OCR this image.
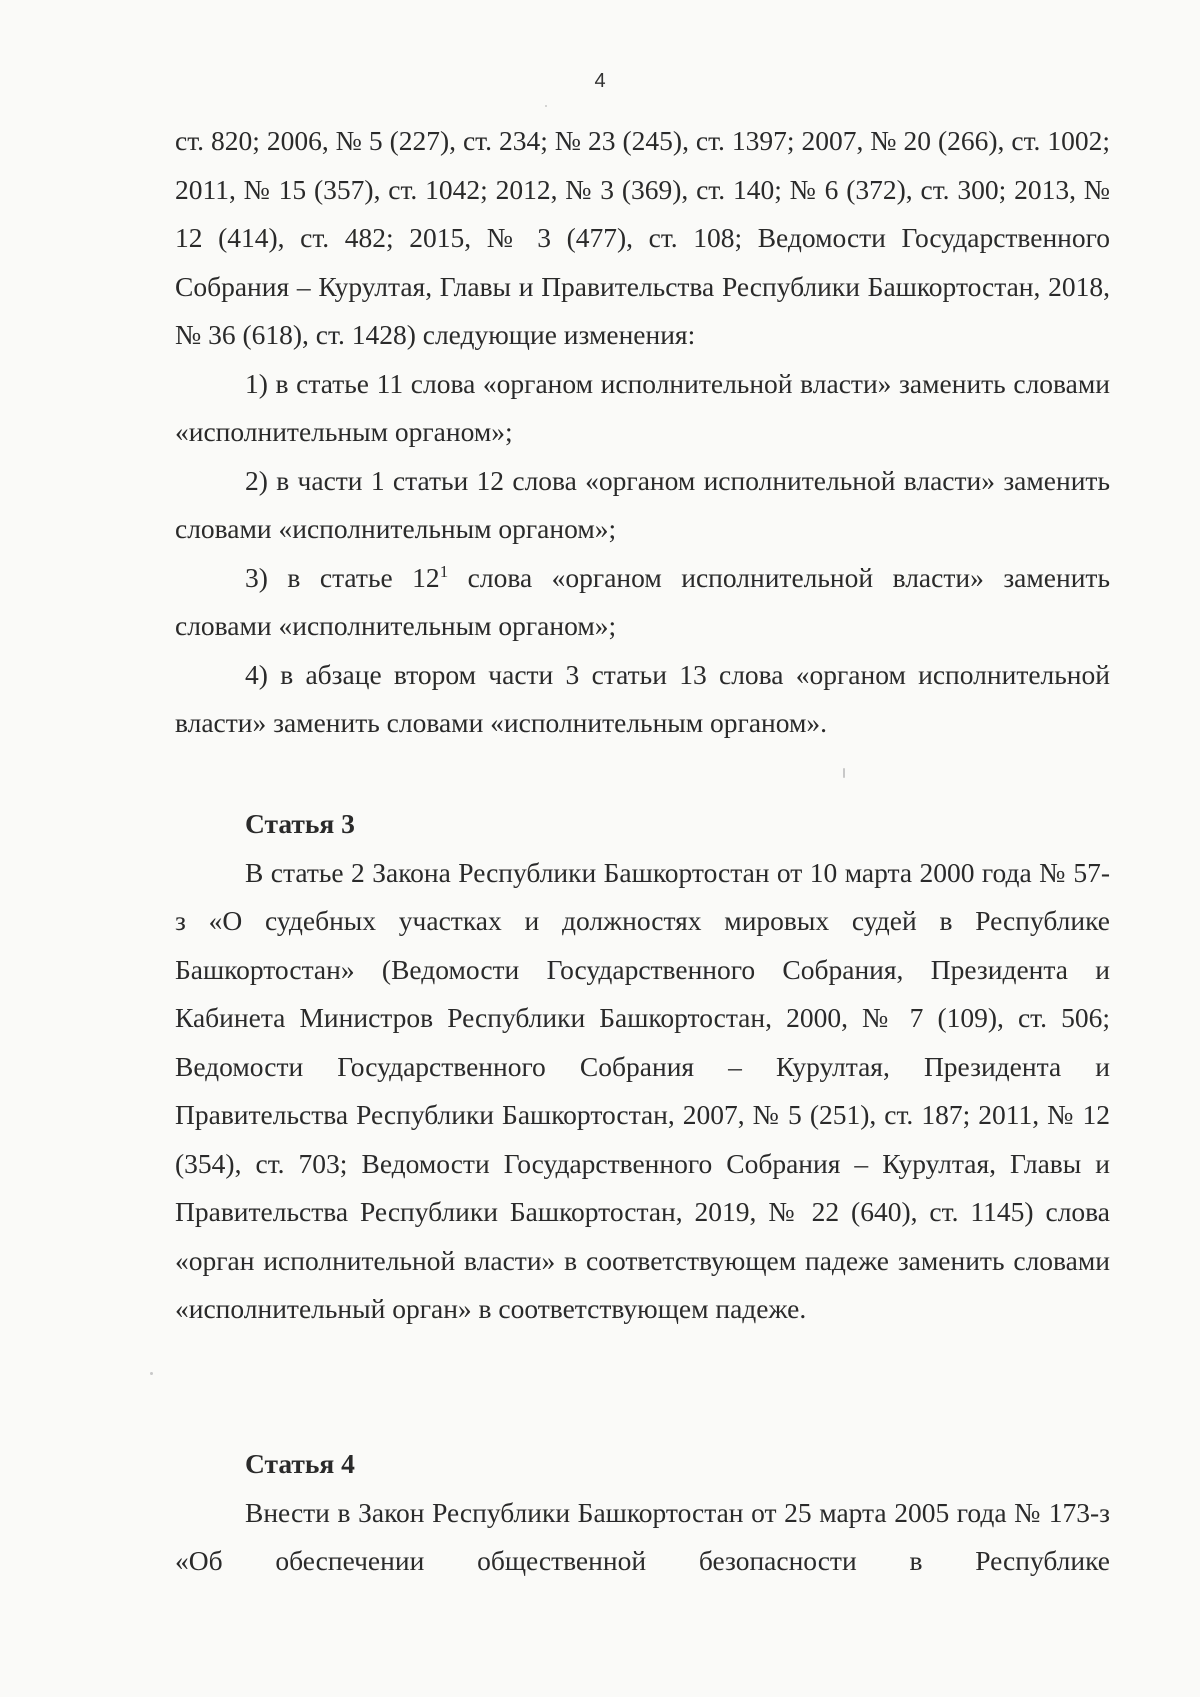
4

ст. 820; 2006, № 5 (227), ст. 234; № 23 (245), ст. 1397; 2007, № 20 (266), ст. 1002; 2011, № 15 (357), ст. 1042; 2012, № 3 (369), ст. 140; № 6 (372), ст. 300; 2013, № 12 (414), ст. 482; 2015, № 3 (477), ст. 108; Ведомости Государственного Собрания – Курултая, Главы и Правительства Республики Башкортостан, 2018, № 36 (618), ст. 1428) следующие изменения:

1) в статье 11 слова «органом исполнительной власти» заменить словами «исполнительным органом»;

2) в части 1 статьи 12 слова «органом исполнительной власти» заменить словами «исполнительным органом»;

3) в статье $12^1$ слова «органом исполнительной власти» заменить словами «исполнительным органом»;

4) в абзаце втором части 3 статьи 13 слова «органом исполнительной власти» заменить словами «исполнительным органом».

Статья 3

В статье 2 Закона Республики Башкортостан от 10 марта 2000 года № 57-з «О судебных участках и должностях мировых судей в Республике Башкортостан» (Ведомости Государственного Собрания, Президента и Кабинета Министров Республики Башкортостан, 2000, № 7 (109), ст. 506; Ведомости Государственного Собрания – Курултая, Президента и Правительства Республики Башкортостан, 2007, № 5 (251), ст. 187; 2011, № 12 (354), ст. 703; Ведомости Государственного Собрания – Курултая, Главы и Правительства Республики Башкортостан, 2019, № 22 (640), ст. 1145) слова «орган исполнительной власти» в соответствующем падеже заменить словами «исполнительный орган» в соответствующем падеже.

Статья 4

Внести в Закон Республики Башкортостан от 25 марта 2005 года № 173-з «Об обеспечении общественной безопасности в Республике
